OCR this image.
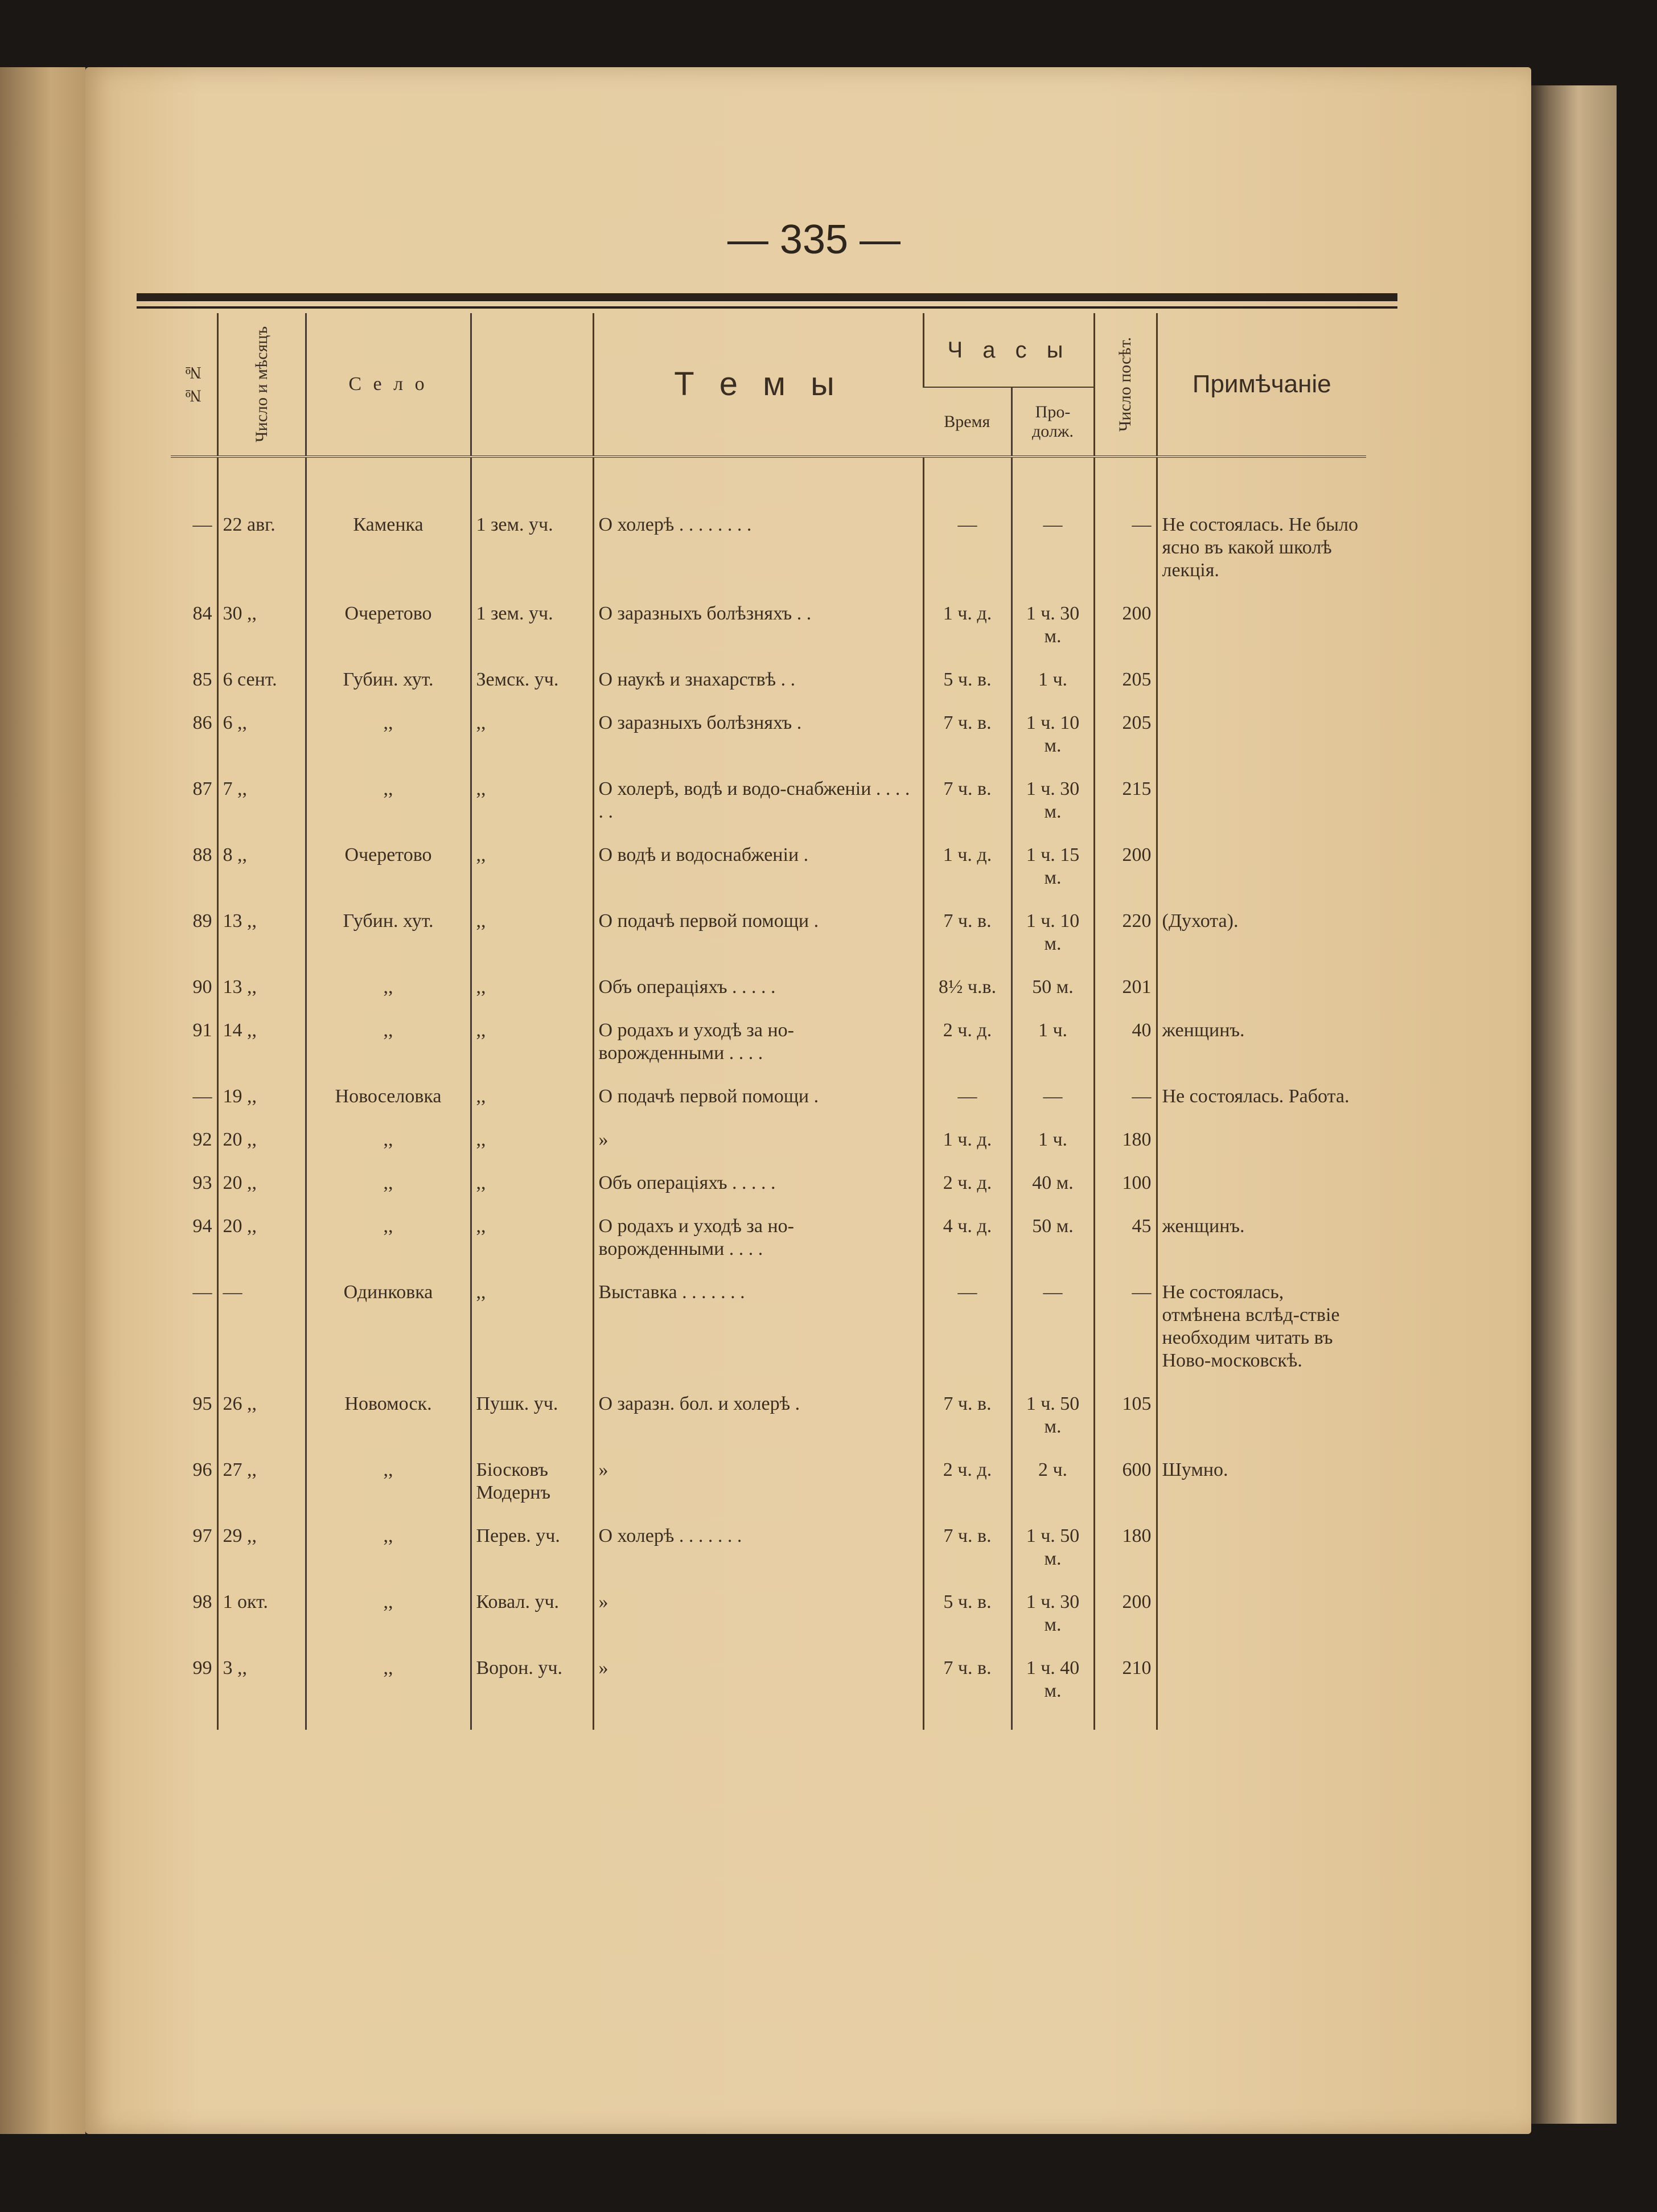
— 335 —
№ №	Число и мѣсяцъ	С е л о		Т е м ы	Ч а с ы		Число посѣт.	Примѣчаніе
					Время	Про-долж.		

—	22 авг.	Каменка	1 зем. уч.	О холерѣ . . . . . . . .	—	—	—	Не состоялась. Не было ясно въ какой школѣ лекція.
84	30 ,,	Очеретово	1 зем. уч.	О заразныхъ болѣзняхъ . .	1 ч. д.	1 ч. 30 м.	200	
85	6 сент.	Губин. хут.	Земск. уч.	О наукѣ и знахарствѣ . .	5 ч. в.	1 ч.	205	
86	6 ,,	,,	,,	О заразныхъ болѣзняхъ .	7 ч. в.	1 ч. 10 м.	205	
87	7 ,,	,,	,,	О холерѣ, водѣ и водо-снабженіи . . . . . .	7 ч. в.	1 ч. 30 м.	215	
88	8 ,,	Очеретово	,,	О водѣ и водоснабженіи .	1 ч. д.	1 ч. 15 м.	200	
89	13 ,,	Губин. хут.	,,	О подачѣ первой помощи .	7 ч. в.	1 ч. 10 м.	220	(Духота).
90	13 ,,	,,	,,	Объ операціяхъ . . . . .	8½ ч.в.	50 м.	201	
91	14 ,,	,,	,,	О родахъ и уходѣ за но-ворожденными . . . .	2 ч. д.	1 ч.	40	женщинъ.
—	19 ,,	Новоселовка	,,	О подачѣ первой помощи .	—	—	—	Не состоялась. Работа.
92	20 ,,	,,	,,	»	1 ч. д.	1 ч.	180	
93	20 ,,	,,	,,	Объ операціяхъ . . . . .	2 ч. д.	40 м.	100	
94	20 ,,	,,	,,	О родахъ и уходѣ за но-ворожденными . . . .	4 ч. д.	50 м.	45	женщинъ.
—	—	Одинковка	,,	Выставка . . . . . . .	—	—	—	Не состоялась, отмѣнена вслѣд-ствіе необходим читать въ Ново-московскѣ.
95	26 ,,	Новомоск.	Пушк. уч.	О заразн. бол. и холерѣ .	7 ч. в.	1 ч. 50 м.	105	
96	27 ,,	,,	Біосковъ Модернъ	»	2 ч. д.	2 ч.	600	Шумно.
97	29 ,,	,,	Перев. уч.	О холерѣ . . . . . . .	7 ч. в.	1 ч. 50 м.	180	
98	1 окт.	,,	Ковал. уч.	»	5 ч. в.	1 ч. 30 м.	200	
99	3 ,,	,,	Ворон. уч.	»	7 ч. в.	1 ч. 40 м.	210	
